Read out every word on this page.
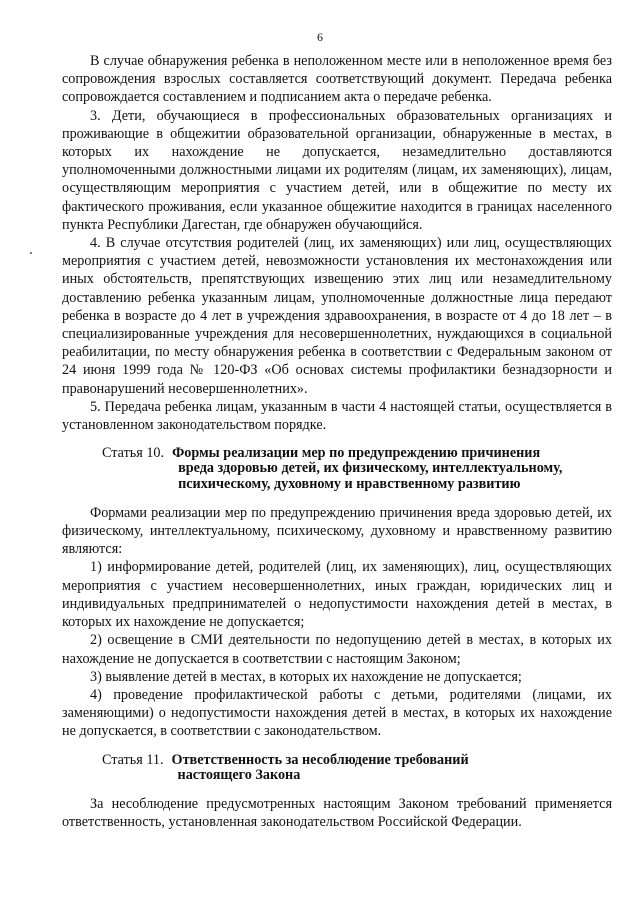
6

В случае обнаружения ребенка в неположенном месте или в неположенное время без сопровождения взрослых составляется соответствующий документ. Передача ребенка сопровождается составлением и подписанием акта о передаче ребенка.

3. Дети, обучающиеся в профессиональных образовательных организациях и проживающие в общежитии образовательной организации, обнаруженные в местах, в которых их нахождение не допускается, незамедлительно доставляются уполномоченными должностными лицами их родителям (лицам, их заменяющих), лицам, осуществляющим мероприятия с участием детей, или в общежитие по месту их фактического проживания, если указанное общежитие находится в границах населенного пункта Республики Дагестан, где обнаружен обучающийся.

4. В случае отсутствия родителей (лиц, их заменяющих) или лиц, осуществляющих мероприятия с участием детей, невозможности установления их местонахождения или иных обстоятельств, препятствующих извещению этих лиц или незамедлительному доставлению ребенка указанным лицам, уполномоченные должностные лица передают ребенка в возрасте до 4 лет в учреждения здравоохранения, в возрасте от 4 до 18 лет – в специализированные учреждения для несовершеннолетних, нуждающихся в социальной реабилитации, по месту обнаружения ребенка в соответствии с Федеральным законом от 24 июня 1999 года № 120-ФЗ «Об основах системы профилактики безнадзорности и правонарушений несовершеннолетних».

5. Передача ребенка лицам, указанным в части 4 настоящей статьи, осуществляется в установленном законодательством порядке.

Статья 10. Формы реализации мер по предупреждению причинения
вреда здоровью детей, их физическому, интеллектуальному,
психическому, духовному и нравственному развитию

Формами реализации мер по предупреждению причинения вреда здоровью детей, их физическому, интеллектуальному, психическому, духовному и нравственному развитию являются:

1) информирование детей, родителей (лиц, их заменяющих), лиц, осуществляющих мероприятия с участием несовершеннолетних, иных граждан, юридических лиц и индивидуальных предпринимателей о недопустимости нахождения детей в местах, в которых их нахождение не допускается;

2) освещение в СМИ деятельности по недопущению детей в местах, в которых их нахождение не допускается в соответствии с настоящим Законом;

3) выявление детей в местах, в которых их нахождение не допускается;

4) проведение профилактической работы с детьми, родителями (лицами, их заменяющими) о недопустимости нахождения детей в местах, в которых их нахождение не допускается, в соответствии с законодательством.

Статья 11. Ответственность за несоблюдение требований
настоящего Закона

За несоблюдение предусмотренных настоящим Законом требований применяется ответственность, установленная законодательством Российской Федерации.
